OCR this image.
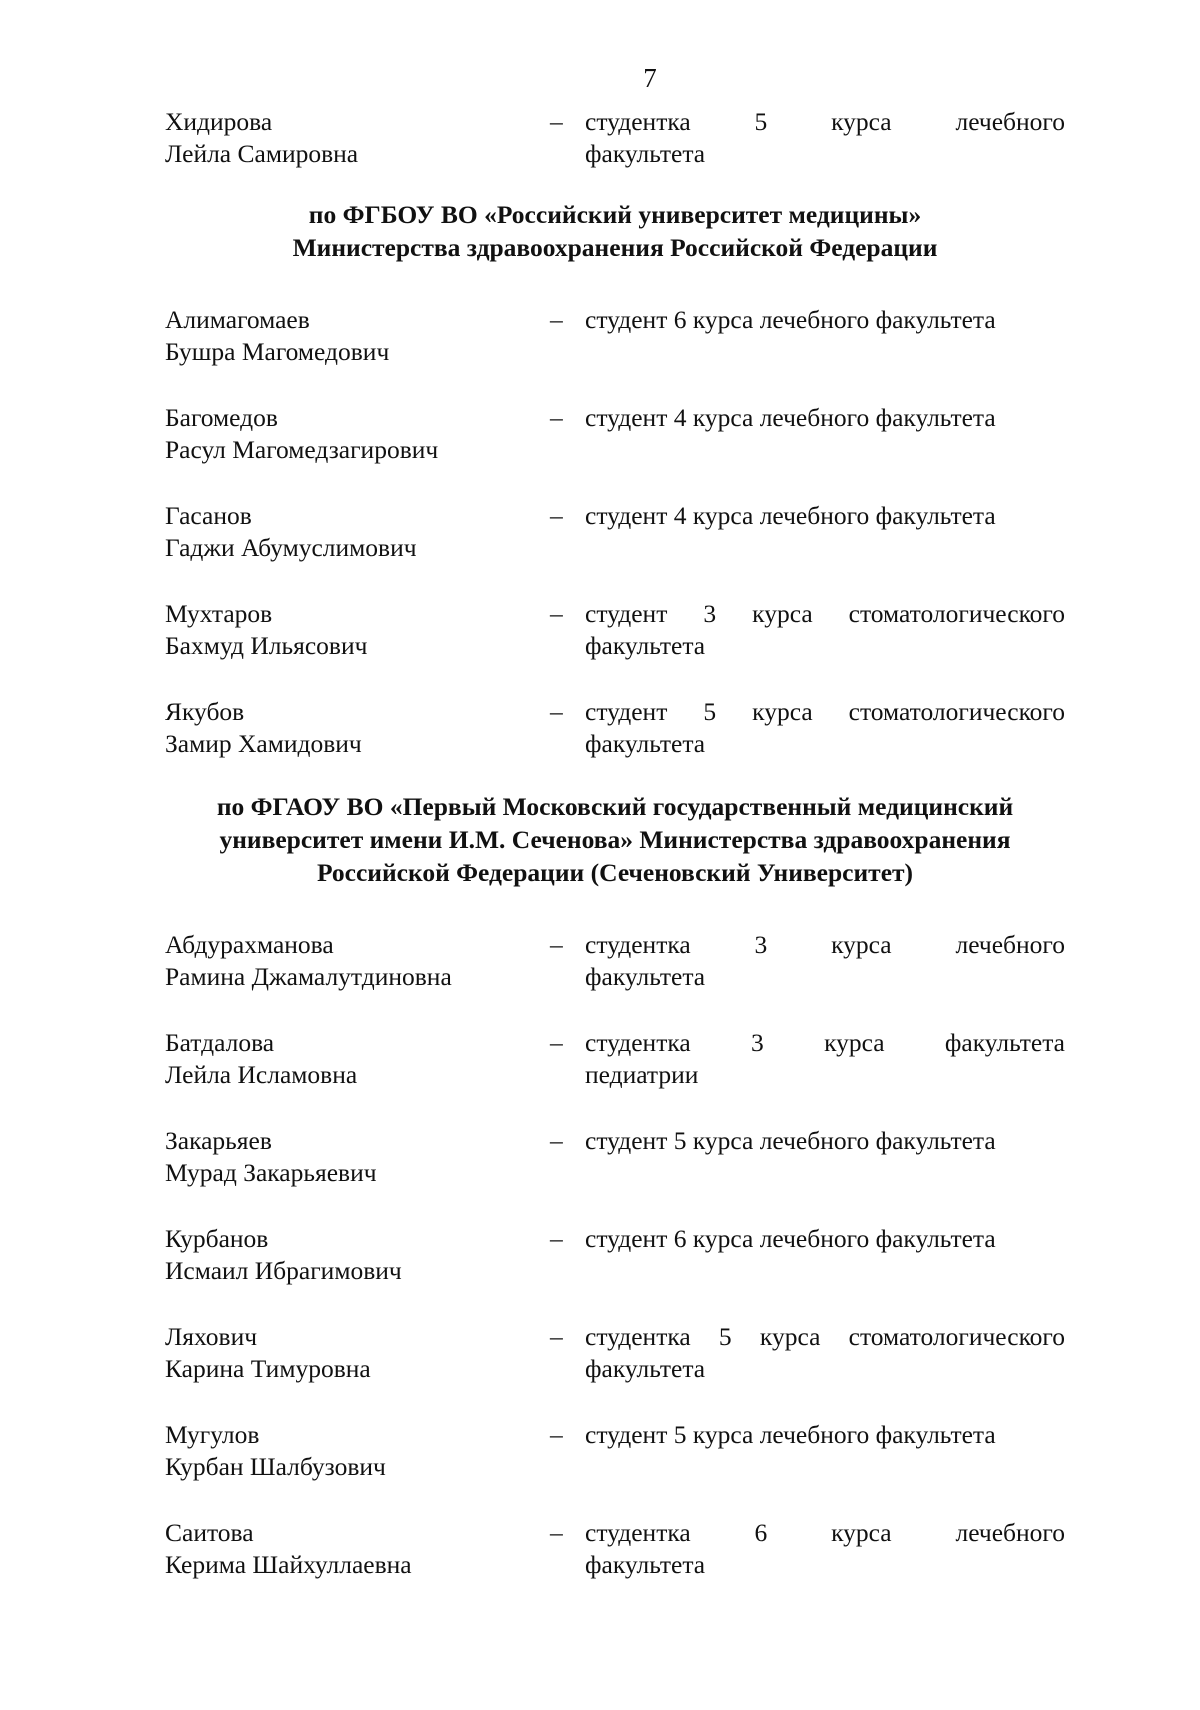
7
Хидирова
Лейла Самировна
– студентка 5 курса лечебного
факультета
по ФГБОУ ВО «Российский университет медицины»
Министерства здравоохранения Российской Федерации
Алимагомаев
Бушра Магомедович
– студент 6 курса лечебного факультета
Багомедов
Расул Магомедзагирович
– студент 4 курса лечебного факультета
Гасанов
Гаджи Абумуслимович
– студент 4 курса лечебного факультета
Мухтаров
Бахмуд Ильясович
– студент 3 курса стоматологического
факультета
Якубов
Замир Хамидович
– студент 5 курса стоматологического
факультета
по ФГАОУ ВО «Первый Московский государственный медицинский
университет имени И.М. Сеченова» Министерства здравоохранения
Российской Федерации (Сеченовский Университет)
Абдурахманова
Рамина Джамалутдиновна
– студентка 3 курса лечебного
факультета
Батдалова
Лейла Исламовна
– студентка 3 курса факультета
педиатрии
Закарьяев
Мурад Закарьяевич
– студент 5 курса лечебного факультета
Курбанов
Исмаил Ибрагимович
– студент 6 курса лечебного факультета
Ляхович
Карина Тимуровна
– студентка 5 курса стоматологического
факультета
Мугулов
Курбан Шалбузович
– студент 5 курса лечебного факультета
Саитова
Керима Шайхуллаевна
– студентка 6 курса лечебного
факультета
